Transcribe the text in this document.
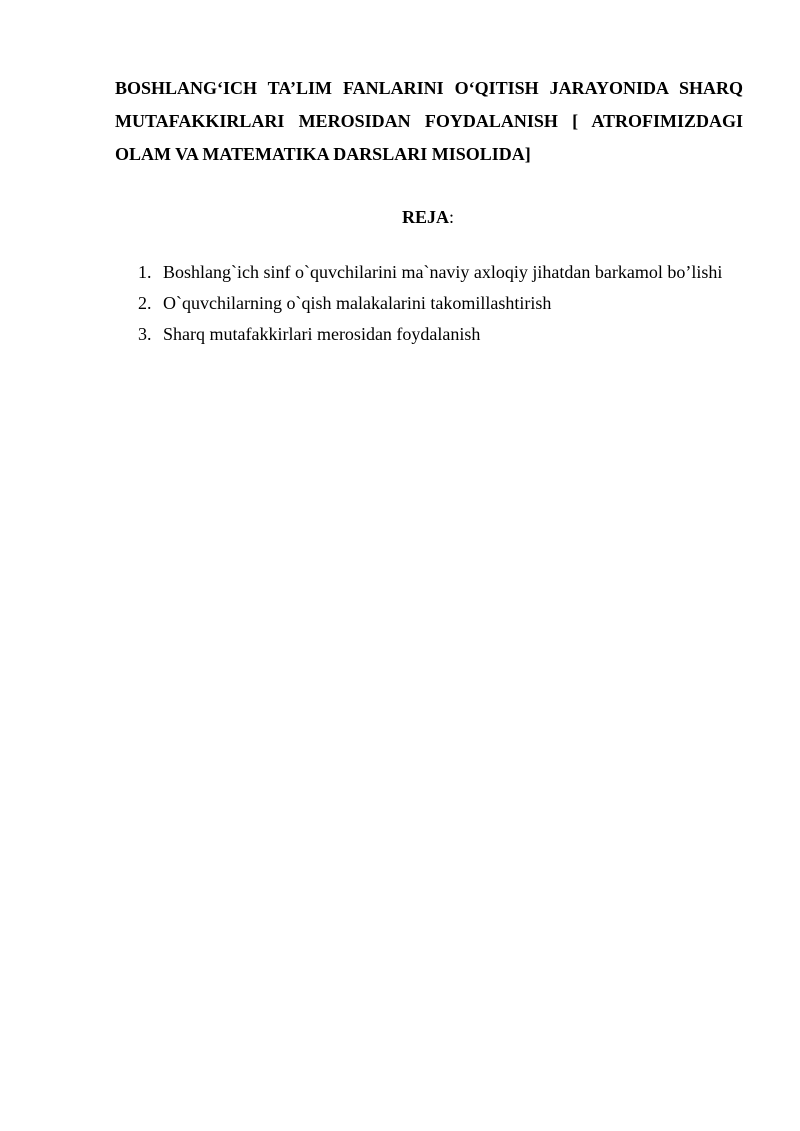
BOSHLANG‘ICH TA’LIM FANLARINI O‘QITISH JARAYONIDA SHARQ
MUTAFAKKIRLARI MEROSIDAN FOYDALANISH [ ATROFIMIZDAGI
OLAM VA MATEMATIKA DARSLARI MISOLIDA]

REJA:

1. Boshlang`ich sinf o`quvchilarini ma`naviy axloqiy jihatdan barkamol bo’lishi
2. O`quvchilarning o`qish malakalarini takomillashtirish
3. Sharq mutafakkirlari merosidan foydalanish
